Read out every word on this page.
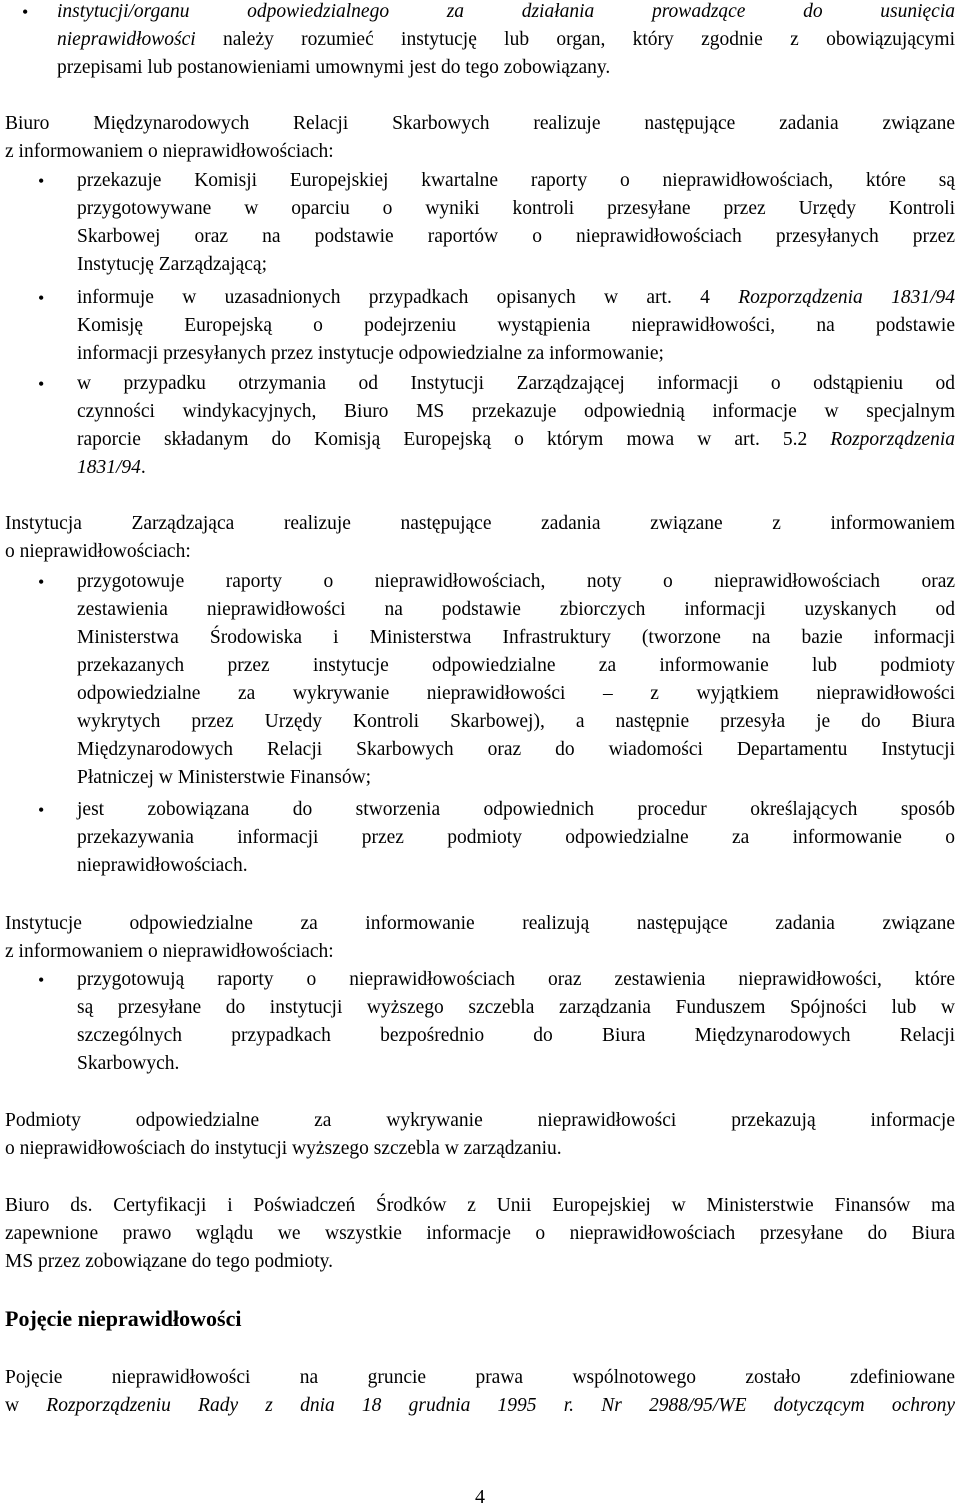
• instytucji/organu odpowiedzialnego za działania prowadzące do usunięcia
nieprawidłowości należy rozumieć instytucję lub organ, który zgodnie z obowiązującymi
przepisami lub postanowieniami umownymi jest do tego zobowiązany.
Biuro Międzynarodowych Relacji Skarbowych realizuje następujące zadania związane
z informowaniem o nieprawidłowościach:
• przekazuje Komisji Europejskiej kwartalne raporty o nieprawidłowościach, które są
przygotowywane w oparciu o wyniki kontroli przesyłane przez Urzędy Kontroli
Skarbowej oraz na podstawie raportów o nieprawidłowościach przesyłanych przez
Instytucję Zarządzającą;
• informuje w uzasadnionych przypadkach opisanych w art. 4 Rozporządzenia 1831/94
Komisję Europejską o podejrzeniu wystąpienia nieprawidłowości, na podstawie
informacji przesyłanych przez instytucje odpowiedzialne za informowanie;
• w przypadku otrzymania od Instytucji Zarządzającej informacji o odstąpieniu od
czynności windykacyjnych, Biuro MS przekazuje odpowiednią informacje w specjalnym
raporcie składanym do Komisją Europejską o którym mowa w art. 5.2 Rozporządzenia
1831/94.
Instytucja Zarządzająca realizuje następujące zadania związane z informowaniem
o nieprawidłowościach:
• przygotowuje raporty o nieprawidłowościach, noty o nieprawidłowościach oraz
zestawienia nieprawidłowości na podstawie zbiorczych informacji uzyskanych od
Ministerstwa Środowiska i Ministerstwa Infrastruktury (tworzone na bazie informacji
przekazanych przez instytucje odpowiedzialne za informowanie lub podmioty
odpowiedzialne za wykrywanie nieprawidłowości – z wyjątkiem nieprawidłowości
wykrytych przez Urzędy Kontroli Skarbowej), a następnie przesyła je do Biura
Międzynarodowych Relacji Skarbowych oraz do wiadomości Departamentu Instytucji
Płatniczej w Ministerstwie Finansów;
• jest zobowiązana do stworzenia odpowiednich procedur określających sposób
przekazywania informacji przez podmioty odpowiedzialne za informowanie o
nieprawidłowościach.
Instytucje odpowiedzialne za informowanie realizują następujące zadania związane
z informowaniem o nieprawidłowościach:
• przygotowują raporty o nieprawidłowościach oraz zestawienia nieprawidłowości, które
są przesyłane do instytucji wyższego szczebla zarządzania Funduszem Spójności lub w
szczególnych przypadkach bezpośrednio do Biura Międzynarodowych Relacji
Skarbowych.
Podmioty odpowiedzialne za wykrywanie nieprawidłowości przekazują informacje
o nieprawidłowościach do instytucji wyższego szczebla w zarządzaniu.
Biuro ds. Certyfikacji i Poświadczeń Środków z Unii Europejskiej w Ministerstwie Finansów ma
zapewnione prawo wglądu we wszystkie informacje o nieprawidłowościach przesyłane do Biura
MS przez zobowiązane do tego podmioty.
Pojęcie nieprawidłowości
Pojęcie nieprawidłowości na gruncie prawa wspólnotowego zostało zdefiniowane
w Rozporządzeniu Rady z dnia 18 grudnia 1995 r. Nr 2988/95/WE dotyczącym ochrony
4
